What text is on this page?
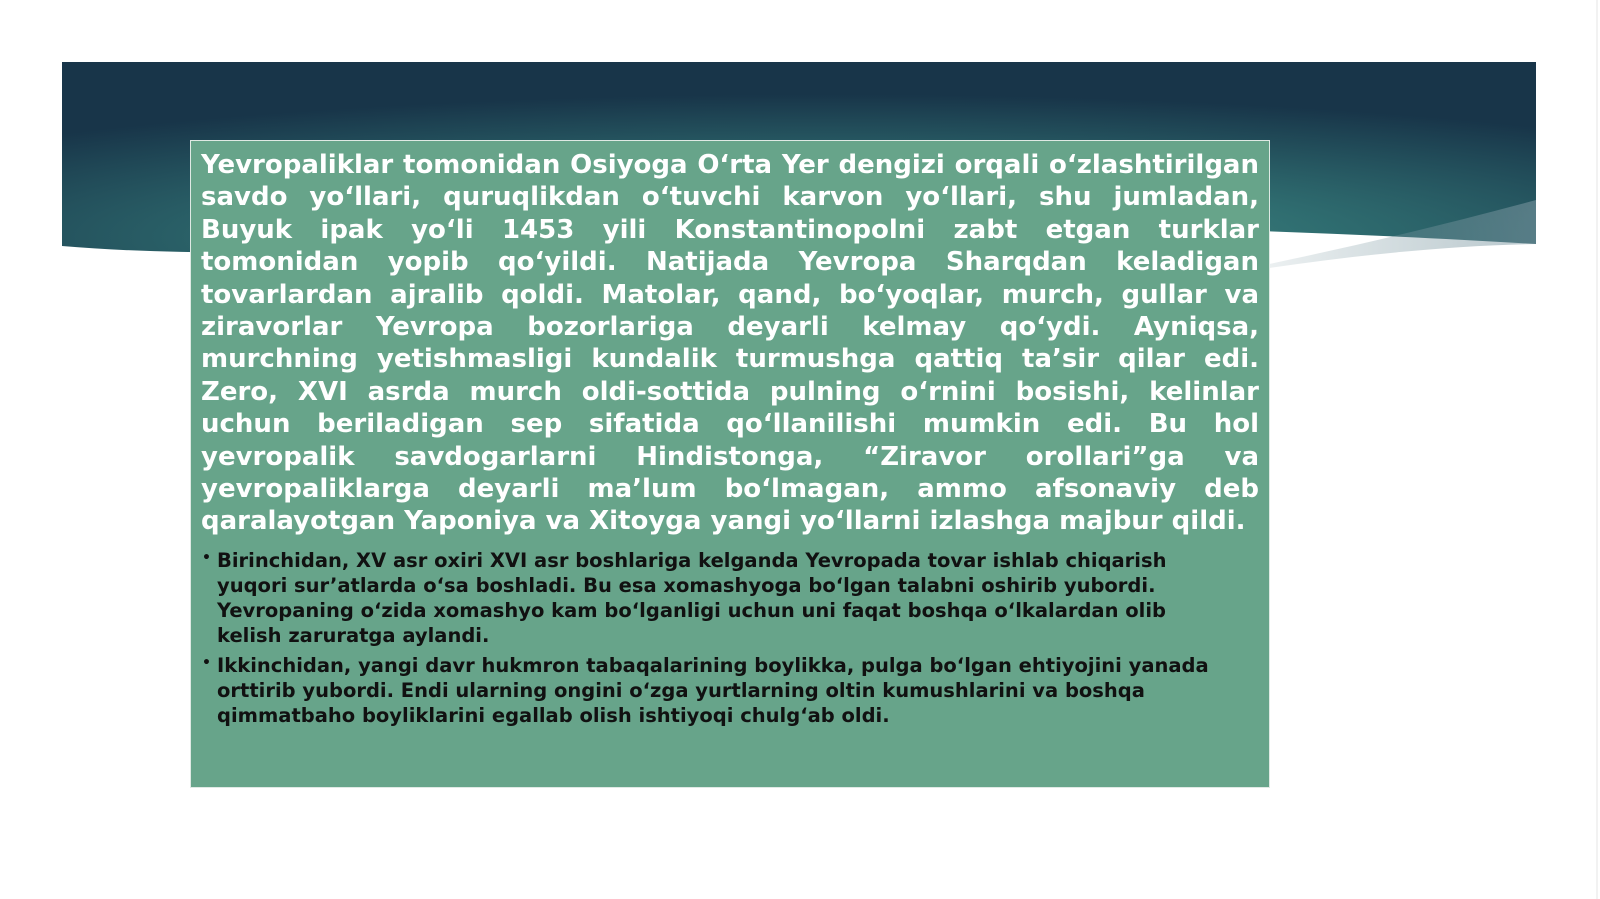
Yevropaliklar tomonidan Osiyoga O‘rta Yer dengizi orqali o‘zlashtirilgan savdo yo‘llari, quruqlikdan o‘tuvchi karvon yo‘llari, shu jumladan, Buyuk ipak yo‘li 1453 yili Konstantinopolni zabt etgan turklar tomonidan yopib qo‘yildi. Natijada Yevropa Sharqdan keladigan tovarlardan ajralib qoldi. Matolar, qand, bo‘yoqlar, murch, gullar va ziravorlar Yevropa bozorlariga deyarli kelmay qo‘ydi. Ayniqsa, murchning yetishmasligi kundalik turmushga qattiq ta’sir qilar edi. Zero, XVI asrda murch oldi-sottida pulning o‘rnini bosishi, kelinlar uchun beriladigan sep sifatida qo‘llanilishi mumkin edi. Bu hol yevropalik savdogarlarni Hindistonga, “Ziravor orollari”ga va yevropaliklarga deyarli ma’lum bo‘lmagan, ammo afsonaviy deb qaralayotgan Yaponiya va Xitoyga yangi yo‘llarni izlashga majbur qildi.

• Birinchidan, XV asr oxiri XVI asr boshlariga kelganda Yevropada tovar ishlab chiqarish yuqori sur’atlarda o‘sa boshladi. Bu esa xomashyoga bo‘lgan talabni oshirib yubordi. Yevropaning o‘zida xomashyo kam bo‘lganligi uchun uni faqat boshqa o‘lkalardan olib kelish zaruratga aylandi.
• Ikkinchidan, yangi davr hukmron tabaqalarining boylikka, pulga bo‘lgan ehtiyojini yanada orttirib yubordi. Endi ularning ongini o‘zga yurtlarning oltin kumushlarini va boshqa qimmatbaho boyliklarini egallab olish ishtiyoqi chulg‘ab oldi.
